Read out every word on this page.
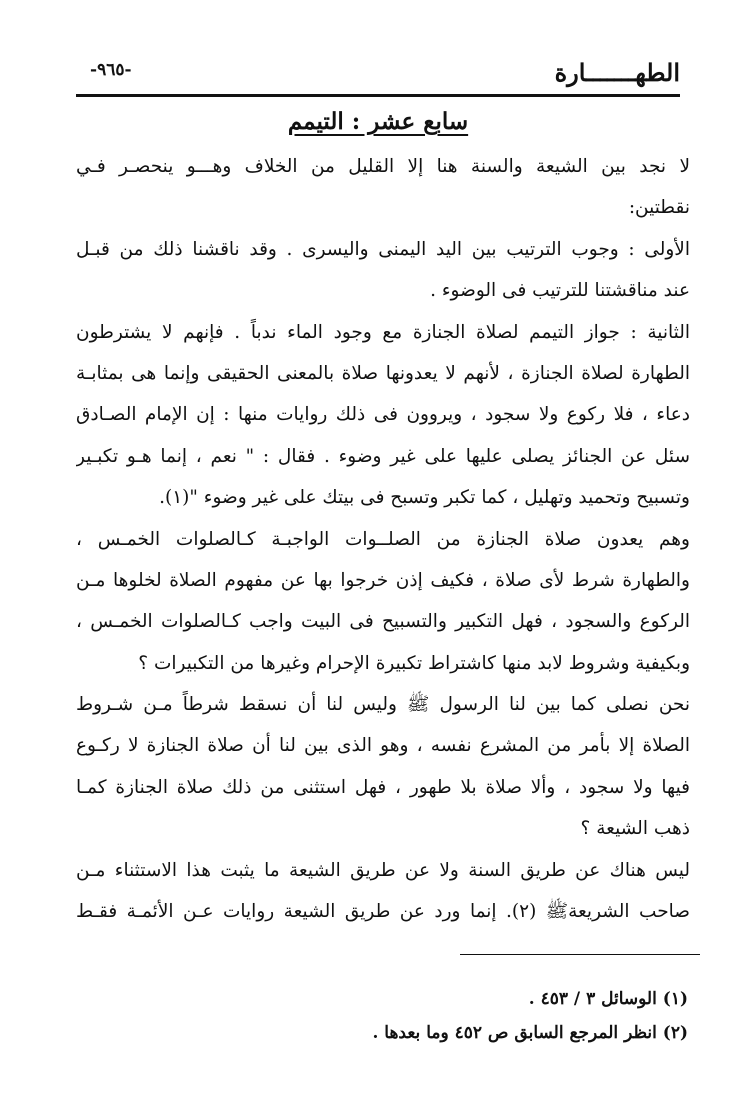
-٩٦٥-	الطهـــــــارة
سابع عشر : التيمم
لا نجد بين الشيعة والسنة هنا إلا القليل من الخلاف وهـــو ينحصـر فـي
نقطتين:
الأولى : وجوب الترتيب بين اليد اليمنى واليسرى . وقد ناقشنا ذلك من قبـل
عند مناقشتنا للترتيب فى الوضوء .
الثانية : جواز التيمم لصلاة الجنازة مع وجود الماء ندباً . فإنهم لا يشترطون
الطهارة لصلاة الجنازة ، لأنهم لا يعدونها صلاة بالمعنى الحقيقى وإنما هى بمثابـة
دعاء ، فلا ركوع ولا سجود ، ويروون فى ذلك روايات منها : إن الإمام الصـادق
سئل عن الجنائز يصلى عليها على غير وضوء . فقال : " نعم ، إنما هـو تكبـير
وتسبيح وتحميد وتهليل ، كما تكبر وتسبح فى بيتك على غير وضوء "(١).
وهم يعدون صلاة الجنازة من الصلــوات الواجبـة كـالصلوات الخمـس ،
والطهارة شرط لأى صلاة ، فكيف إذن خرجوا بها عن مفهوم الصلاة لخلوها مـن
الركوع والسجود ، فهل التكبير والتسبيح فى البيت واجب كـالصلوات الخمـس ،
وبكيفية وشروط لابد منها كاشتراط تكبيرة الإحرام وغيرها من التكبيرات ؟
نحن نصلى كما بين لنا الرسول ﷺ وليس لنا أن نسقط شرطاً مـن شـروط
الصلاة إلا بأمر من المشرع نفسه ، وهو الذى بين لنا أن صلاة الجنازة لا ركـوع
فيها ولا سجود ، وألا صلاة بلا طهور ، فهل استثنى من ذلك صلاة الجنازة كمـا
ذهب الشيعة ؟
ليس هناك عن طريق السنة ولا عن طريق الشيعة ما يثبت هذا الاستثناء مـن
صاحب الشريعةﷺ (٢). إنما ورد عن طريق الشيعة روايات عـن الأئمـة فقـط
(١) الوسائل ٣ / ٤٥٣ .
(٢) انظر المرجع السابق ص ٤٥٢ وما بعدها .
